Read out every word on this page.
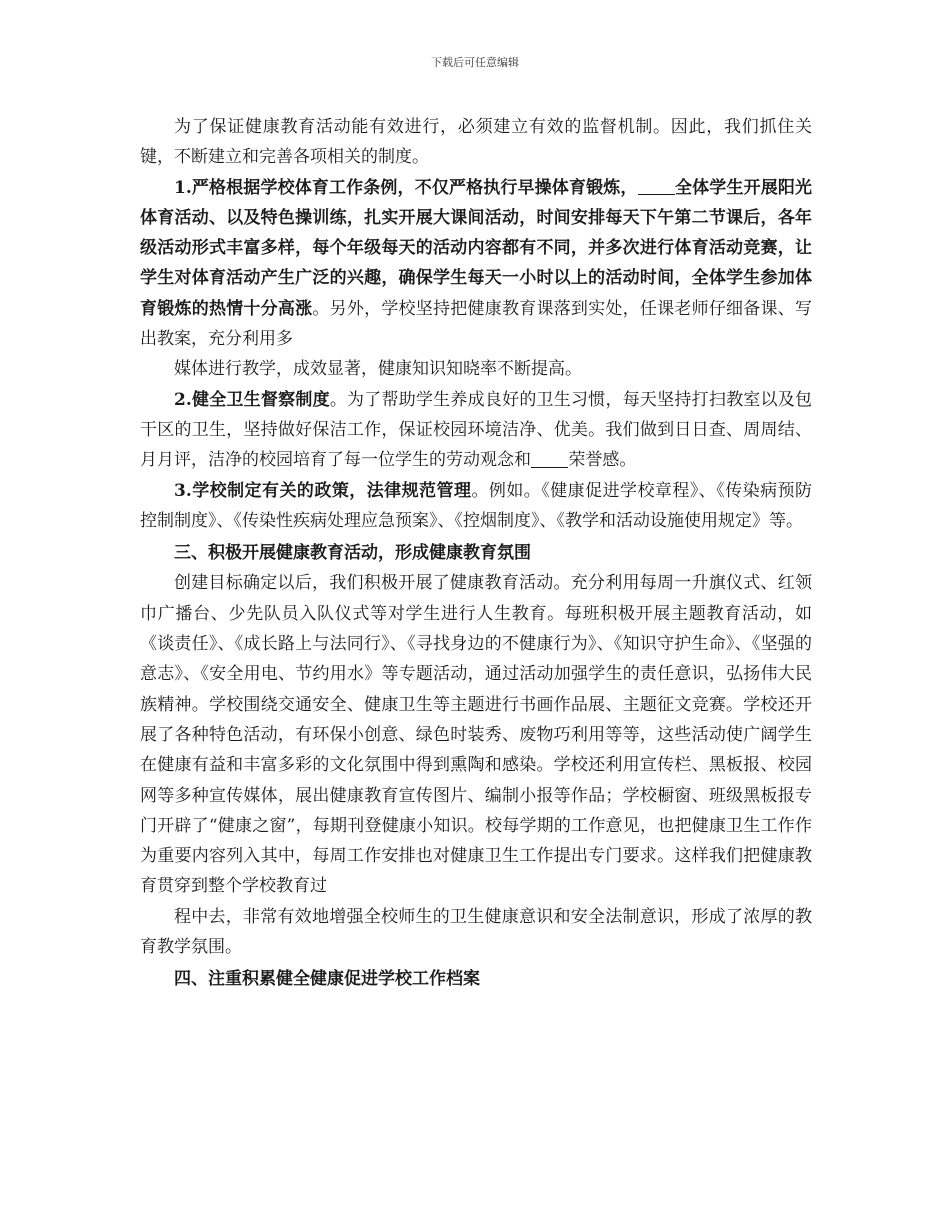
下载后可任意编辑

为了保证健康教育活动能有效进行，必须建立有效的监督机制。因此，我们抓住关键，不断建立和完善各项相关的制度。

1.严格根据学校体育工作条例，不仅严格执行早操体育锻炼， 全体学生开展阳光体育活动、以及特色操训练，扎实开展大课间活动，时间安排每天下午第二节课后，各年级活动形式丰富多样，每个年级每天的活动内容都有不同，并多次进行体育活动竞赛，让学生对体育活动产生广泛的兴趣，确保学生每天一小时以上的活动时间，全体学生参加体育锻炼的热情十分高涨。另外，学校坚持把健康教育课落到实处，任课老师仔细备课、写出教案，充分利用多

媒体进行教学，成效显著，健康知识知晓率不断提高。

2.健全卫生督察制度。为了帮助学生养成良好的卫生习惯，每天坚持打扫教室以及包干区的卫生，坚持做好保洁工作，保证校园环境洁净、优美。我们做到日日查、周周结、月月评，洁净的校园培育了每一位学生的劳动观念和 荣誉感。

3.学校制定有关的政策，法律规范管理。例如。《健康促进学校章程》、《传染病预防控制制度》、《传染性疾病处理应急预案》、《控烟制度》、《教学和活动设施使用规定》等。

三、积极开展健康教育活动，形成健康教育氛围

创建目标确定以后，我们积极开展了健康教育活动。充分利用每周一升旗仪式、红领巾广播台、少先队员入队仪式等对学生进行人生教育。每班积极开展主题教育活动，如《谈责任》、《成长路上与法同行》、《寻找身边的不健康行为》、《知识守护生命》、《坚强的意志》、《安全用电、节约用水》等专题活动，通过活动加强学生的责任意识，弘扬伟大民族精神。学校围绕交通安全、健康卫生等主题进行书画作品展、主题征文竞赛。学校还开展了各种特色活动，有环保小创意、绿色时装秀、废物巧利用等等，这些活动使广阔学生在健康有益和丰富多彩的文化氛围中得到熏陶和感染。学校还利用宣传栏、黑板报、校园网等多种宣传媒体，展出健康教育宣传图片、编制小报等作品；学校橱窗、班级黑板报专门开辟了“健康之窗”，每期刊登健康小知识。校每学期的工作意见，也把健康卫生工作作为重要内容列入其中，每周工作安排也对健康卫生工作提出专门要求。这样我们把健康教育贯穿到整个学校教育过

程中去，非常有效地增强全校师生的卫生健康意识和安全法制意识，形成了浓厚的教育教学氛围。

四、注重积累健全健康促进学校工作档案
